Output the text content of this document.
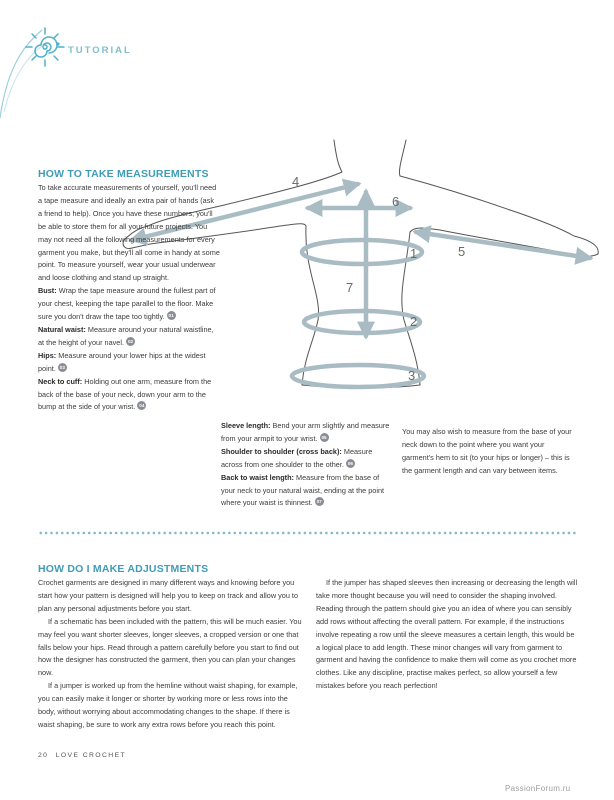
TUTORIAL
4
6
1	5
7
2
3
HOW TO TAKE MEASUREMENTS

To take accurate measurements of yourself, you'll need a tape measure and ideally an extra pair of hands (ask a friend to help). Once you have these numbers, you'll be able to store them for all your future projects. You may not need all the following measurements for every garment you make, but they'll all come in handy at some point. To measure yourself, wear your usual underwear and loose clothing and stand up straight.

Bust: Wrap the tape measure around the fullest part of your chest, keeping the tape parallel to the floor. Make sure you don't draw the tape too tightly. 01

Natural waist: Measure around your natural waistline, at the height of your navel. 02

Hips: Measure around your lower hips at the widest point. 03

Neck to cuff: Holding out one arm, measure from the back of the base of your neck, down your arm to the bump at the side of your wrist. 04

Sleeve length: Bend your arm slightly and measure from your armpit to your wrist. 05

Shoulder to shoulder (cross back): Measure across from one shoulder to the other. 06

Back to waist length: Measure from the base of your neck to your natural waist, ending at the point where your waist is thinnest. 07

You may also wish to measure from the base of your neck down to the point where you want your garment's hem to sit (to your hips or longer) – this is the garment length and can vary between items.

HOW DO I MAKE ADJUSTMENTS

Crochet garments are designed in many different ways and knowing before you start how your pattern is designed will help you to keep on track and allow you to plan any personal adjustments before you start.

If a schematic has been included with the pattern, this will be much easier. You may feel you want shorter sleeves, longer sleeves, a cropped version or one that falls below your hips. Read through a pattern carefully before you start to find out how the designer has constructed the garment, then you can plan your changes now.

If a jumper is worked up from the hemline without waist shaping, for example, you can easily make it longer or shorter by working more or less rows into the body, without worrying about accommodating changes to the shape. If there is waist shaping, be sure to work any extra rows before you reach this point.

If the jumper has shaped sleeves then increasing or decreasing the length will take more thought because you will need to consider the shaping involved. Reading through the pattern should give you an idea of where you can sensibly add rows without affecting the overall pattern. For example, if the instructions involve repeating a row until the sleeve measures a certain length, this would be a logical place to add length. These minor changes will vary from garment to garment and having the confidence to make them will come as you crochet more clothes. Like any discipline, practise makes perfect, so allow yourself a few mistakes before you reach perfection!

20 LOVE CROCHET
PassionForum.ru
